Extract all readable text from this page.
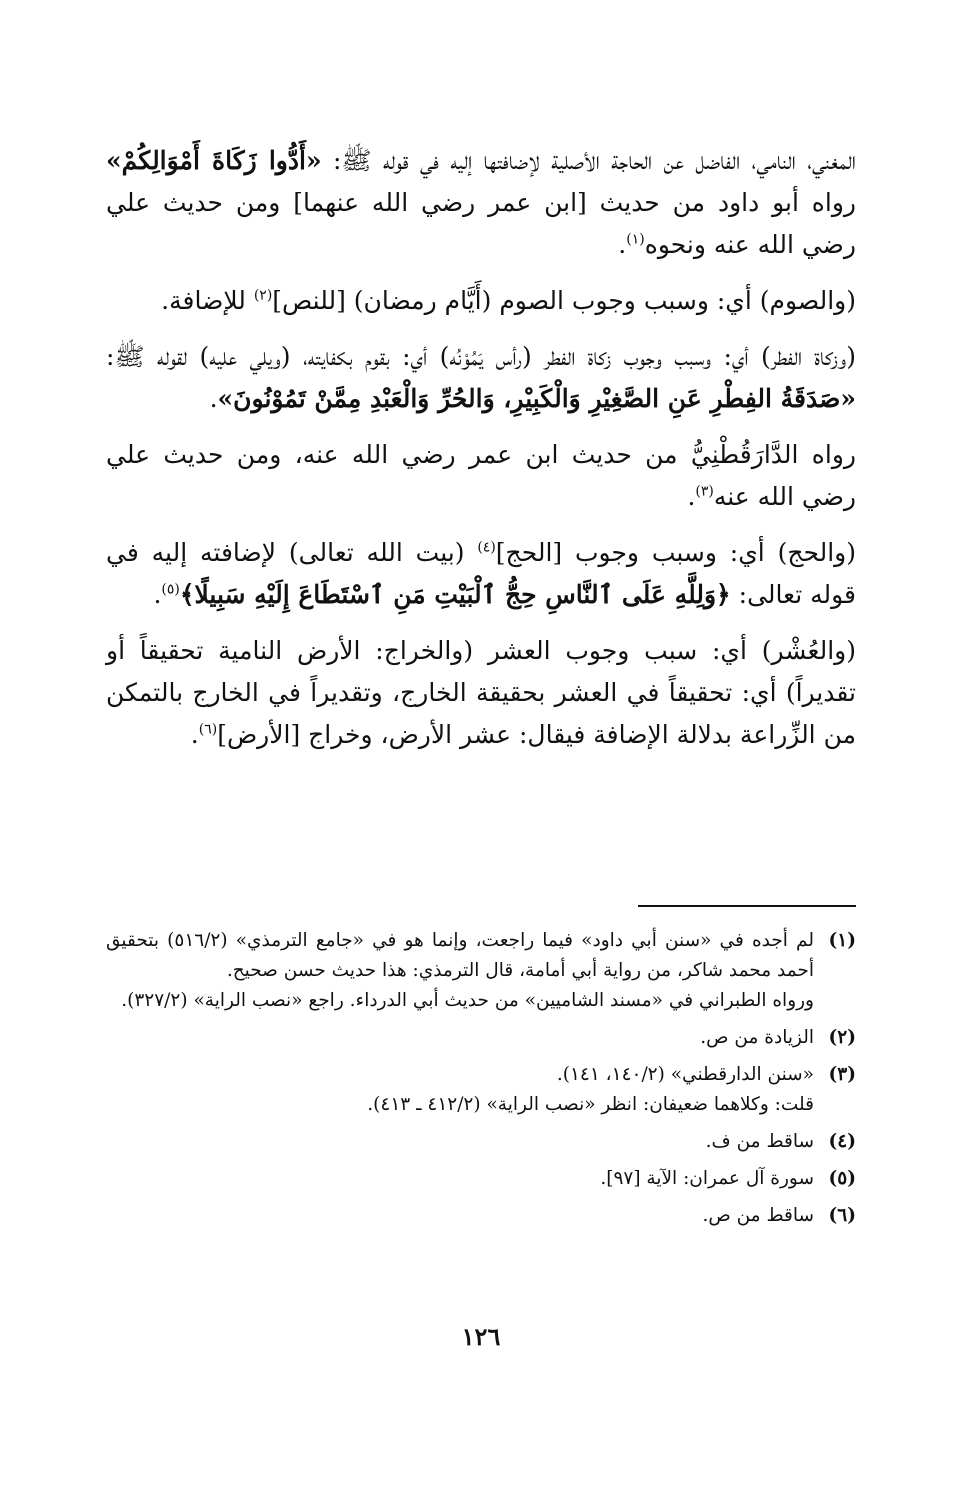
المغني، النامي، الفاضل عن الحاجة الأصلية لإضافتها إليه في قوله ﷺ: «أَدُّوا زَكَاةَ أَمْوَالِكُمْ» رواه أبو داود من حديث [ابن عمر رضي الله عنهما] ومن حديث علي رضي الله عنه ونحوه$^{(١)}$.

(والصوم) أي: وسبب وجوب الصوم (أَيَّام رمضان) [للنص]$^{(٢)}$ للإضافة.

(وزكاة الفطر) أي: وسبب وجوب زكاة الفطر (رأس يَمُوْنُه) أي: بقوم بكفايته، (ويلي عليه) لقوله ﷺ: «صَدَقَةُ الفِطْرِ عَنِ الصَّغِيْرِ وَالْكَبِيْرِ، وَالحُرِّ وَالْعَبْدِ مِمَّنْ تَمُوْنُونَ».

رواه الدَّارَقُطْنِيُّ من حديث ابن عمر رضي الله عنه، ومن حديث علي رضي الله عنه$^{(٣)}$.

(والحج) أي: وسبب وجوب [الحج]$^{(٤)}$ (بيت الله تعالى) لإضافته إليه في قوله تعالى: ﴿وَلِلَّهِ عَلَى ٱلنَّاسِ حِجُّ ٱلْبَيْتِ مَنِ ٱسْتَطَاعَ إِلَيْهِ سَبِيلًا﴾$^{(٥)}$.

(والعُشْر) أي: سبب وجوب العشر (والخراج: الأرض النامية تحقيقاً أو تقديراً) أي: تحقيقاً في العشر بحقيقة الخارج، وتقديراً في الخارج بالتمكن من الزِّراعة بدلالة الإضافة فيقال: عشر الأرض، وخراج [الأرض]$^{(٦)}$.

(١)

لم أجده في «سنن أبي داود» فيما راجعت، وإنما هو في «جامع الترمذي» (٥١٦/٢) بتحقيق أحمد محمد شاكر، من رواية أبي أمامة، قال الترمذي: هذا حديث حسن صحيح.

ورواه الطبراني في «مسند الشاميين» من حديث أبي الدرداء. راجع «نصب الراية» (٣٢٧/٢).

(٢)

الزيادة من ص.

(٣)

«سنن الدارقطني» (١٤٠/٢، ١٤١).

قلت: وكلاهما ضعيفان: انظر «نصب الراية» (٤١٢/٢ ـ ٤١٣).

(٤)

ساقط من ف.

(٥)

سورة آل عمران: الآية [٩٧].

(٦)

ساقط من ص.

١٢٦
